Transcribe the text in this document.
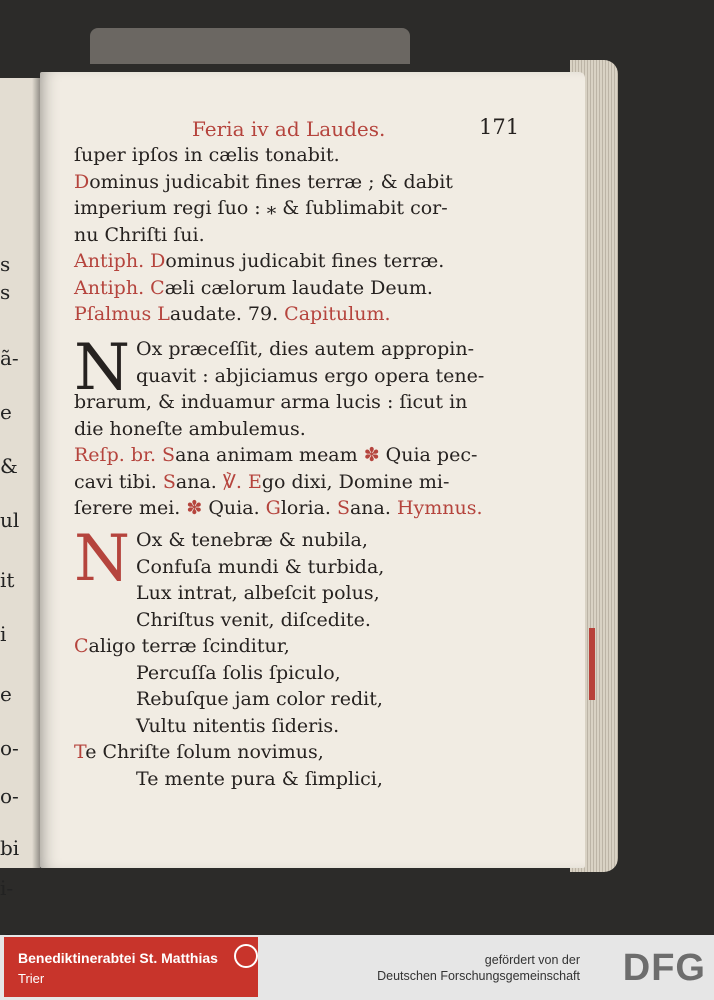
s
s
ã-
e
&
ul
it
i
e
o-
o-
bi
i-
Feria iv ad Laudes.	171
ſuper ipſos in cælis tonabit.
Dominus judicabit fines terræ ; & dabit
imperium regi ſuo : ⁎ & ſublimabit cor-
nu Chriſti ſui.
Antiph. Dominus judicabit fines terræ.
Antiph. Cæli cælorum laudate Deum.
Pſalmus Laudate. 79. Capitulum.
N Ox præceſſit, dies autem appropin-
quavit : abjiciamus ergo opera tene-
brarum, & induamur arma lucis : ſicut in
die honeſte ambulemus.
Reſp. br. Sana animam meam ✽ Quia pec-
cavi tibi. Sana. ℣. Ego dixi, Domine mi-
ſerere mei. ✽ Quia. Gloria. Sana. Hymnus.
N Ox & tenebræ & nubila,
Confuſa mundi & turbida,
Lux intrat, albeſcit polus,
Chriſtus venit, diſcedite.
Caligo terræ ſcinditur,
Percuſſa ſolis ſpiculo,
Rebuſque jam color redit,
Vultu nitentis ſideris.
Te Chriſte ſolum novimus,
Te mente pura & ſimplici,
Benediktinerabtei St. Matthias
Trier
gefördert von der
Deutschen Forschungsgemeinschaft DFG
